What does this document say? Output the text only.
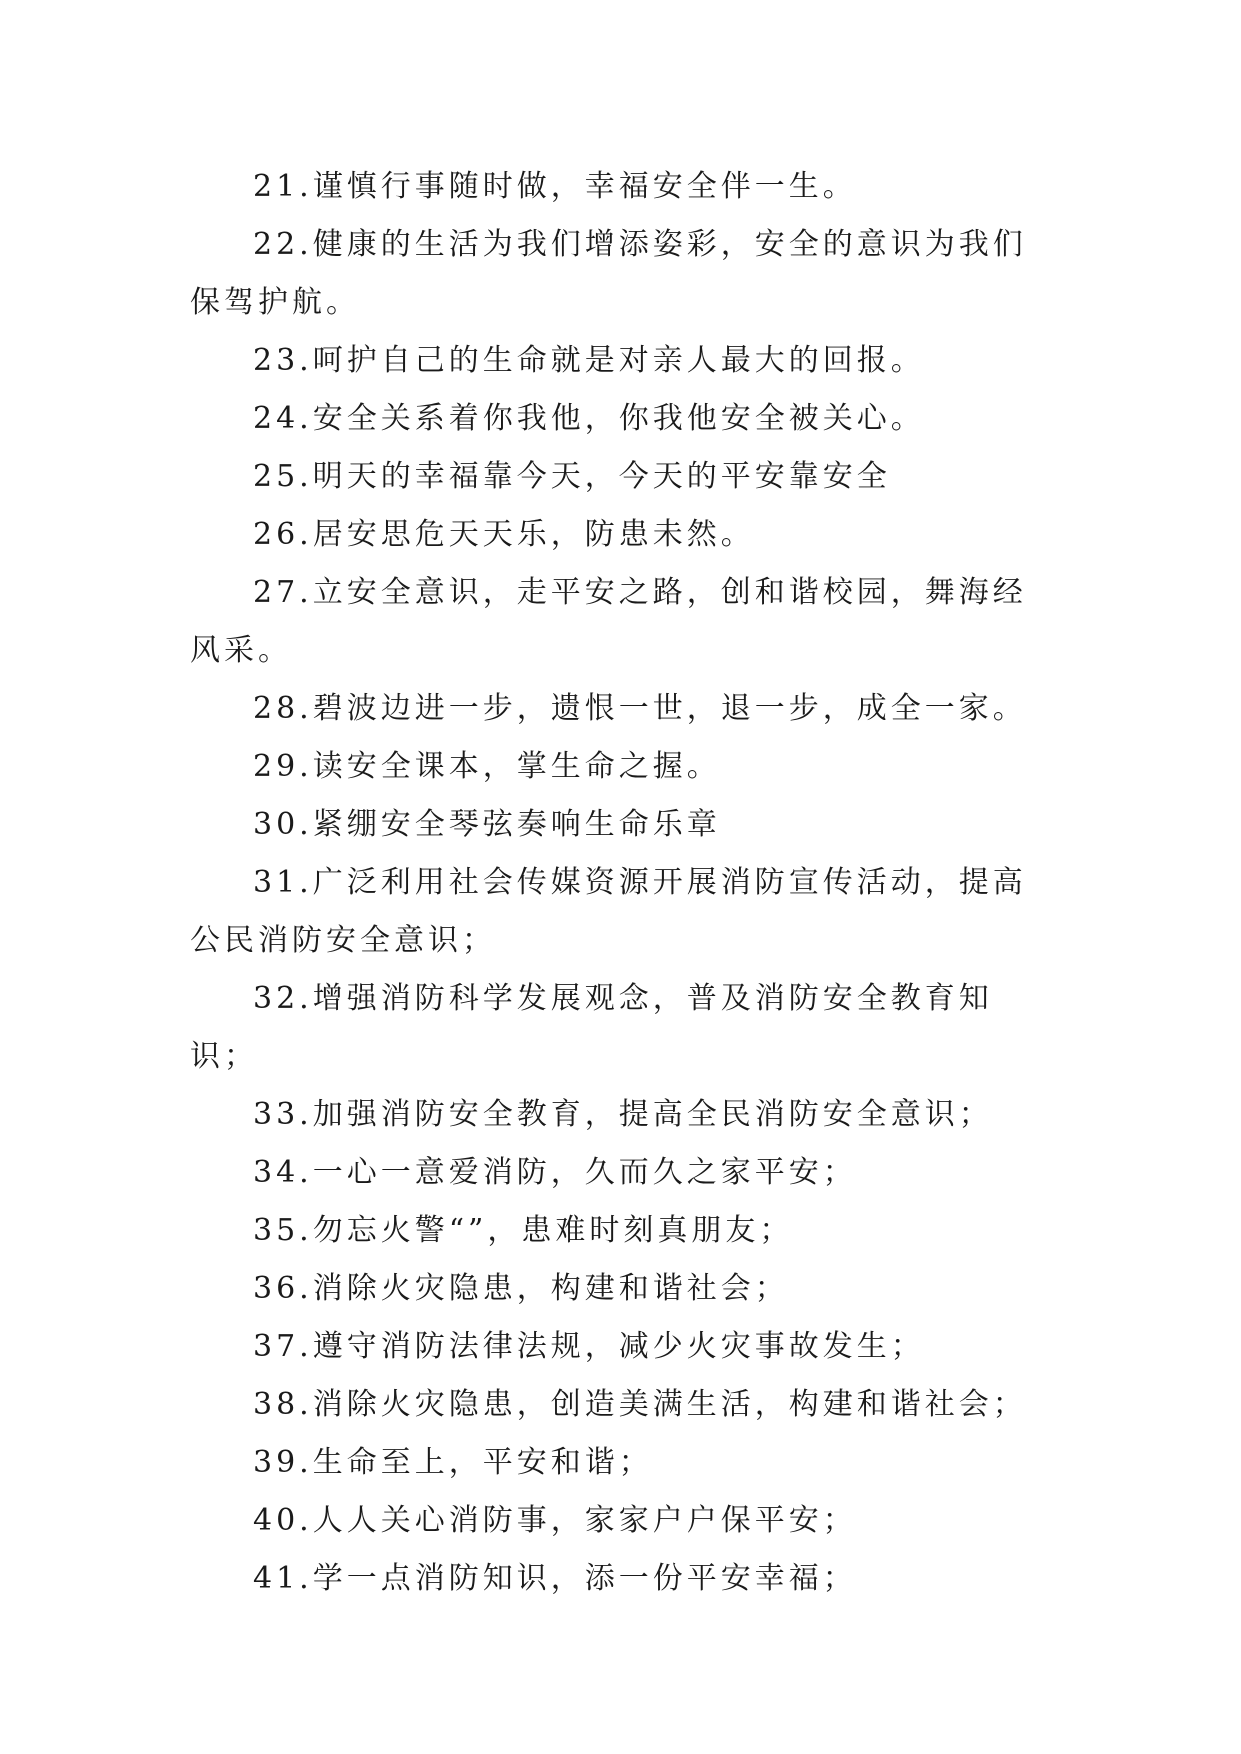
21.谨慎行事随时做，幸福安全伴一生。

22.健康的生活为我们增添姿彩，安全的意识为我们保驾护航。

23.呵护自己的生命就是对亲人最大的回报。

24.安全关系着你我他，你我他安全被关心。

25.明天的幸福靠今天，今天的平安靠安全

26.居安思危天天乐，防患未然。

27.立安全意识，走平安之路，创和谐校园，舞海经风采。

28.碧波边进一步，遗恨一世，退一步，成全一家。

29.读安全课本，掌生命之握。

30.紧绷安全琴弦奏响生命乐章

31.广泛利用社会传媒资源开展消防宣传活动，提高公民消防安全意识；

32.增强消防科学发展观念，普及消防安全教育知识；

33.加强消防安全教育，提高全民消防安全意识；

34.一心一意爱消防，久而久之家平安；

35.勿忘火警“”，患难时刻真朋友；

36.消除火灾隐患，构建和谐社会；

37.遵守消防法律法规，减少火灾事故发生；

38.消除火灾隐患，创造美满生活，构建和谐社会；

39.生命至上，平安和谐；

40.人人关心消防事，家家户户保平安；

41.学一点消防知识，添一份平安幸福；
